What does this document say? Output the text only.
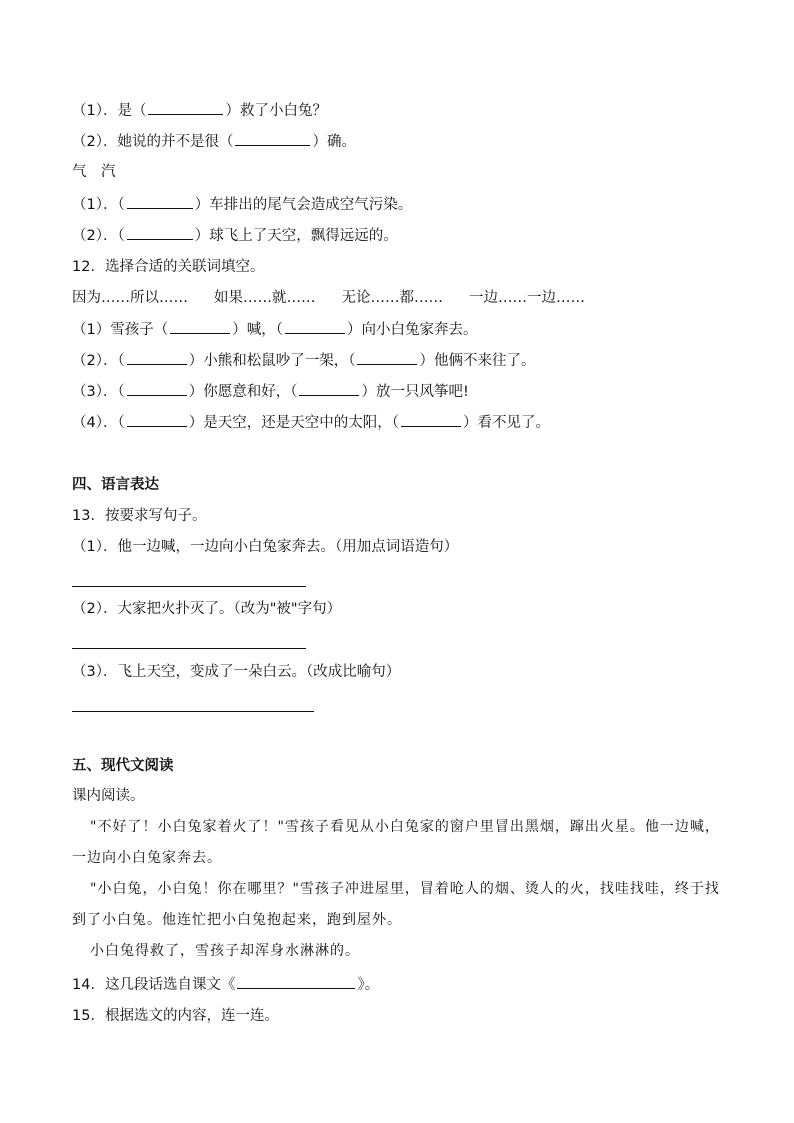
（1）．是（	）救了小白兔？
（2）．她说的并不是很（	）确。
气　汽
（1）．（	）车排出的尾气会造成空气污染。
（2）．（	）球飞上了天空，飘得远远的。
12．选择合适的关联词填空。
因为……所以…… 如果……就…… 无论……都…… 一边……一边……
（1）雪孩子（	）喊，（	）向小白兔家奔去。
（2）．（	）小熊和松鼠吵了一架，（	）他俩不来往了。
（3）．（	）你愿意和好，（	）放一只风筝吧!
（4）．（	）是天空，还是天空中的太阳，（	）看不见了。
四、语言表达
13．按要求写句子。
（1）．他一边喊，一边向小白兔家奔去。（用加点词语造句）
（2）．大家把火扑灭了。（改为"被"字句）
（3）．飞上天空，变成了一朵白云。（改成比喻句）
五、现代文阅读
课内阅读。
"不好了！小白兔家着火了！"雪孩子看见从小白兔家的窗户里冒出黑烟，蹿出火星。他一边喊，一边向小白兔家奔去。
"小白兔，小白兔！你在哪里？"雪孩子冲进屋里，冒着呛人的烟、烫人的火，找哇找哇，终于找到了小白兔。他连忙把小白兔抱起来，跑到屋外。
小白兔得救了，雪孩子却浑身水淋淋的。
14．这几段话选自课文《	》。
15．根据选文的内容，连一连。
